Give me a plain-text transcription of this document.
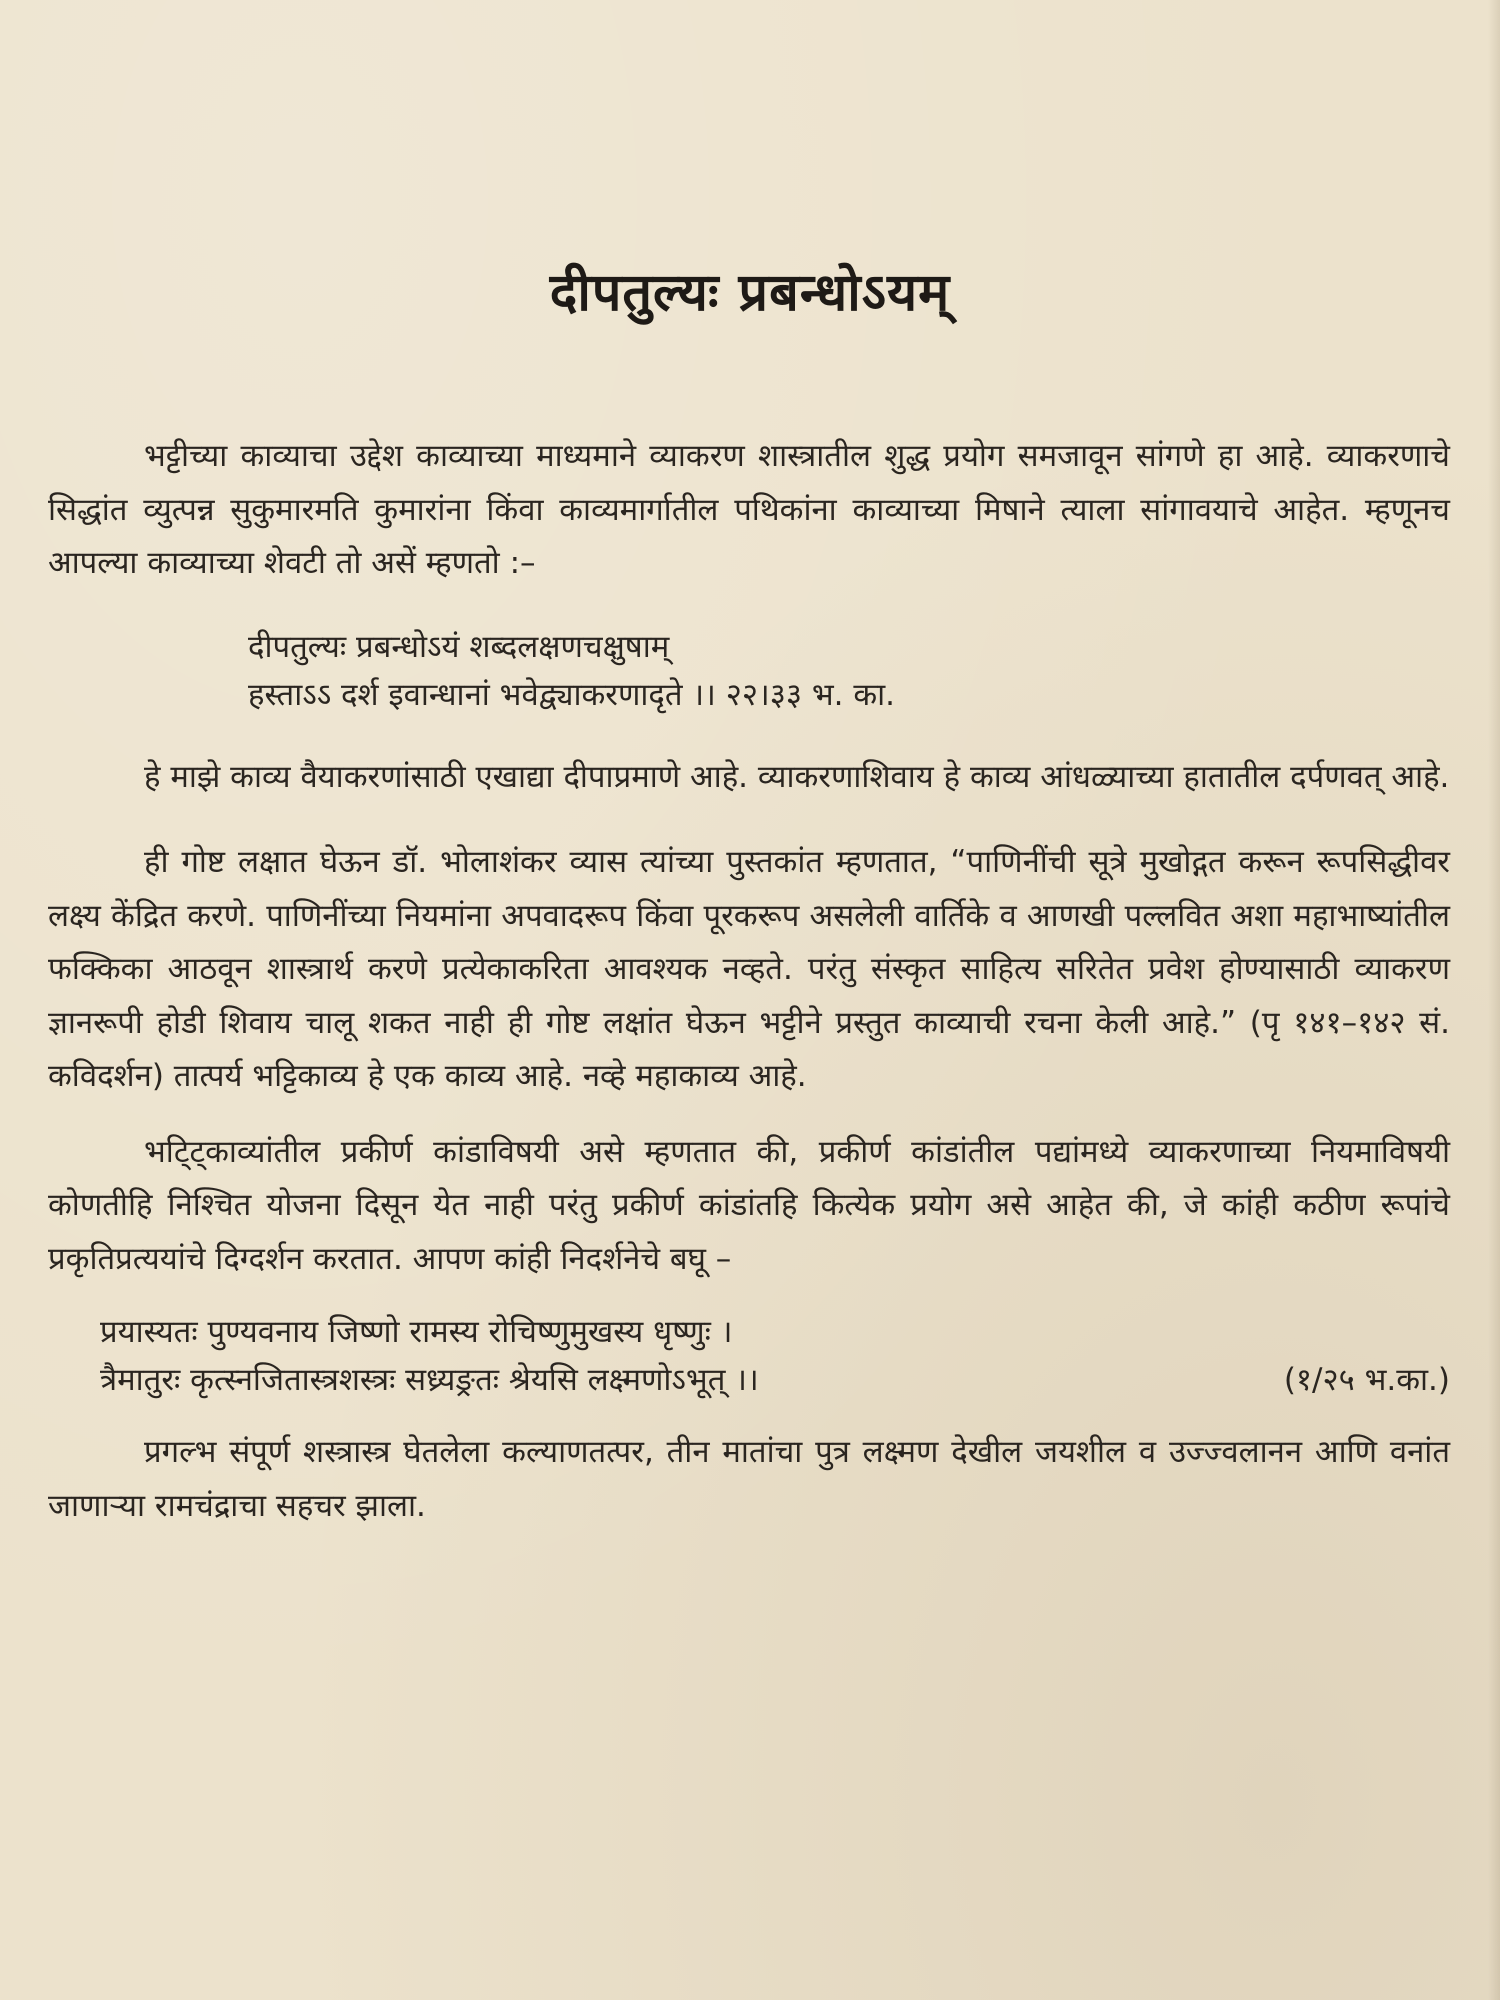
दीपतुल्यः प्रबन्धोऽयम्

भट्टीच्या काव्याचा उद्देश काव्याच्या माध्यमाने व्याकरण शास्त्रातील शुद्ध प्रयोग समजावून सांगणे हा आहे. व्याकरणाचे सिद्धांत व्युत्पन्न सुकुमारमति कुमारांना किंवा काव्यमार्गातील पथिकांना काव्याच्या मिषाने त्याला सांगावयाचे आहेत. म्हणूनच आपल्या काव्याच्या शेवटी तो असें म्हणतो :–

दीपतुल्यः प्रबन्धोऽयं शब्दलक्षणचक्षुषाम्

हस्ताऽऽ दर्श इवान्धानां भवेद्व्याकरणादृते ।। २२।३३ भ. का.

हे माझे काव्य वैयाकरणांसाठी एखाद्या दीपाप्रमाणे आहे. व्याकरणाशिवाय हे काव्य आंधळ्याच्या हातातील दर्पणवत् आहे.

ही गोष्ट लक्षात घेऊन डॉ. भोलाशंकर व्यास त्यांच्या पुस्तकांत म्हणतात, “पाणिनींची सूत्रे मुखोद्गत करून रूपसिद्धीवर लक्ष्य केंद्रित करणे. पाणिनींच्या नियमांना अपवादरूप किंवा पूरकरूप असलेली वार्तिके व आणखी पल्लवित अशा महाभाष्यांतील फक्किका आठवून शास्त्रार्थ करणे प्रत्येकाकरिता आवश्यक नव्हते. परंतु संस्कृत साहित्य सरितेत प्रवेश होण्यासाठी व्याकरण ज्ञानरूपी होडी शिवाय चालू शकत नाही ही गोष्ट लक्षांत घेऊन भट्टीने प्रस्तुत काव्याची रचना केली आहे.” (पृ १४१–१४२ सं. कविदर्शन) तात्पर्य भट्टिकाव्य हे एक काव्य आहे. नव्हे महाकाव्य आहे.

भटि्ट्काव्यांतील प्रकीर्ण कांडाविषयी असे म्हणतात की, प्रकीर्ण कांडांतील पद्यांमध्ये व्याकरणाच्या नियमाविषयी कोणतीहि निश्चित योजना दिसून येत नाही परंतु प्रकीर्ण कांडांतहि कित्येक प्रयोग असे आहेत की, जे कांही कठीण रूपांचे प्रकृतिप्रत्ययांचे दिग्दर्शन करतात. आपण कांही निदर्शनेचे बघू –

प्रयास्यतः पुण्यवनाय जिष्णो रामस्य रोचिष्णुमुखस्य धृष्णुः ।

त्रैमातुरः कृत्स्नजितास्त्रशस्त्रः सध्र्यङ्रतः श्रेयसि लक्ष्मणोऽभूत् ।।	(१/२५ भ.का.)

प्रगल्भ संपूर्ण शस्त्रास्त्र घेतलेला कल्याणतत्पर, तीन मातांचा पुत्र लक्ष्मण देखील जयशील व उज्ज्वलानन आणि वनांत जाणाऱ्या रामचंद्राचा सहचर झाला.
